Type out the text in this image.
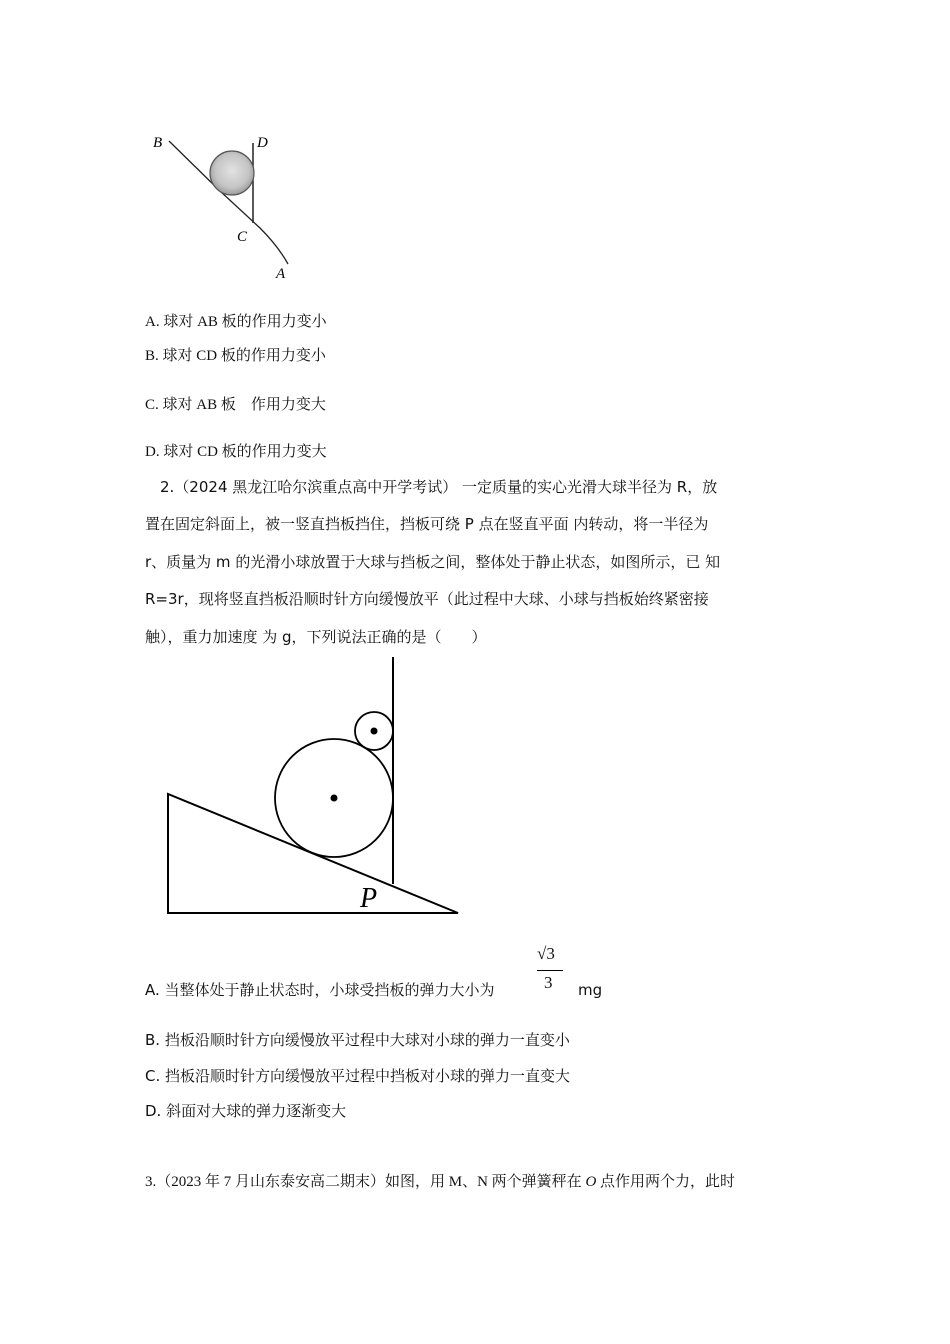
B	D
C
A
A. 球对 AB 板的作用力变小
B. 球对 CD 板的作用力变小
C. 球对 AB 板　作用力变大
D. 球对 CD 板的作用力变大
2.（2024 黑龙江哈尔滨重点高中开学考试） 一定质量的实心光滑大球半径为 R，放
置在固定斜面上，被一竖直挡板挡住，挡板可绕 P 点在竖直平面 内转动，将一半径为
r、质量为 m 的光滑小球放置于大球与挡板之间，整体处于静止状态，如图所示，已 知
R=3r，现将竖直挡板沿顺时针方向缓慢放平（此过程中大球、小球与挡板始终紧密接
触），重力加速度 为 g，下列说法正确的是（　　）
P
A. 当整体处于静止状态时，小球受挡板的弹力大小为
√3
3 mg
B. 挡板沿顺时针方向缓慢放平过程中大球对小球的弹力一直变小
C. 挡板沿顺时针方向缓慢放平过程中挡板对小球的弹力一直变大
D. 斜面对大球的弹力逐渐变大
3.（2023 年 7 月山东泰安高二期末）如图，用 M、N 两个弹簧秤在 O 点作用两个力，此时
